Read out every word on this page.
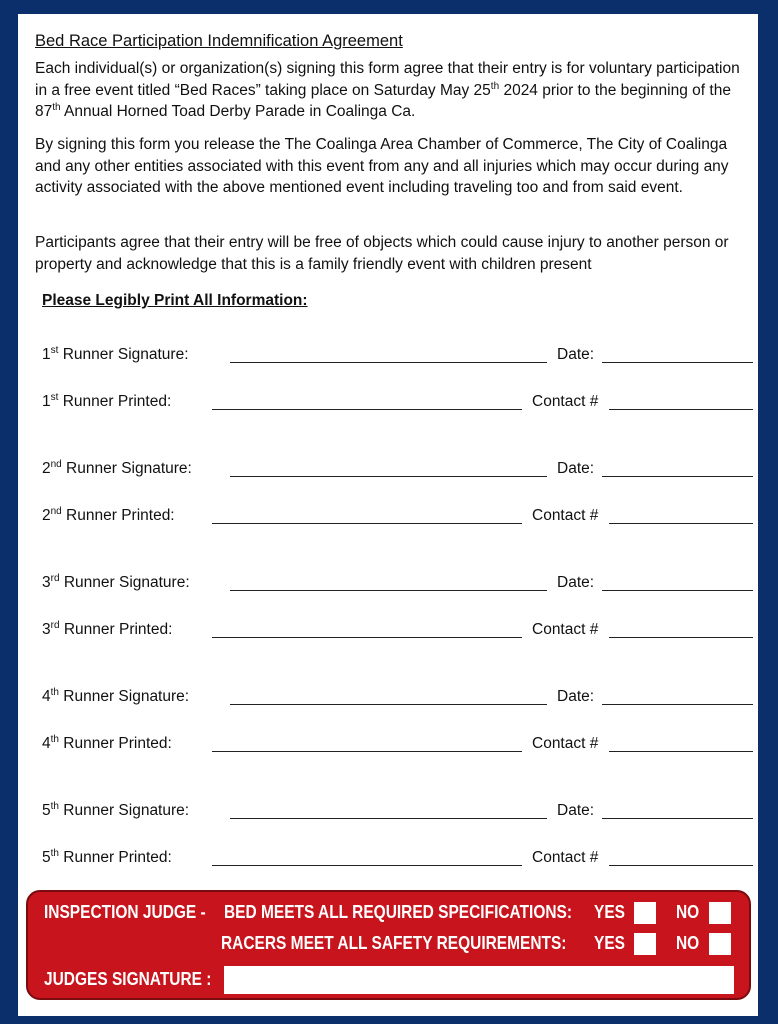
Bed Race Participation Indemnification Agreement

Each individual(s) or organization(s) signing this form agree that their entry is for voluntary participation in a free event titled “Bed Races” taking place on Saturday May 25th 2024 prior to the beginning of the 87th Annual Horned Toad Derby Parade in Coalinga Ca.

By signing this form you release the The Coalinga Area Chamber of Commerce, The City of Coalinga and any other entities associated with this event from any and all injuries which may occur during any activity associated with the above mentioned event including traveling too and from said event.

Participants agree that their entry will be free of objects which could cause injury to another person or property and acknowledge that this is a family friendly event with children present

Please Legibly Print All Information:
1st Runner Signature:	Date:
1st Runner Printed:	Contact #
2nd Runner Signature:	Date:
2nd Runner Printed:	Contact #
3rd Runner Signature:	Date:
3rd Runner Printed:	Contact #
4th Runner Signature:	Date:
4th Runner Printed:	Contact #
5th Runner Signature:	Date:
5th Runner Printed:	Contact #
INSPECTION JUDGE - BED MEETS ALL REQUIRED SPECIFICATIONS: YES	NO
RACERS MEET ALL SAFETY REQUIREMENTS: YES	NO
JUDGES SIGNATURE :
